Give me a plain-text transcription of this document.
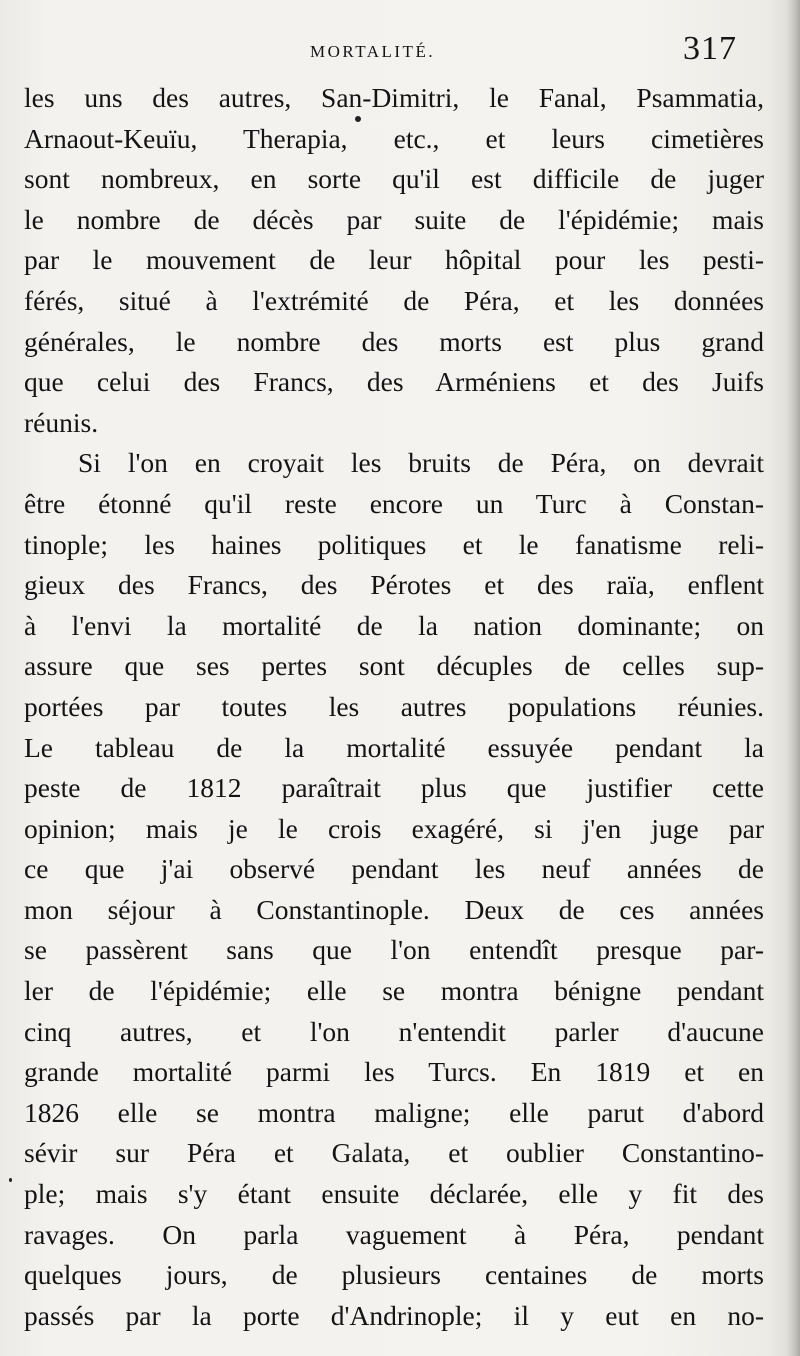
MORTALITÉ.	317
les uns des autres, San-Dimitri, le Fanal, Psammatia,
Arnaout-Keuïu, Therapia, etc., et leurs cimetières
sont nombreux, en sorte qu'il est difficile de juger
le nombre de décès par suite de l'épidémie; mais
par le mouvement de leur hôpital pour les pesti-
férés, situé à l'extrémité de Péra, et les données
générales, le nombre des morts est plus grand
que celui des Francs, des Arméniens et des Juifs
réunis.
Si l'on en croyait les bruits de Péra, on devrait
être étonné qu'il reste encore un Turc à Constan-
tinople; les haines politiques et le fanatisme reli-
gieux des Francs, des Pérotes et des raïa, enflent
à l'envi la mortalité de la nation dominante; on
assure que ses pertes sont décuples de celles sup-
portées par toutes les autres populations réunies.
Le tableau de la mortalité essuyée pendant la
peste de 1812 paraîtrait plus que justifier cette
opinion; mais je le crois exagéré, si j'en juge par
ce que j'ai observé pendant les neuf années de
mon séjour à Constantinople. Deux de ces années
se passèrent sans que l'on entendît presque par-
ler de l'épidémie; elle se montra bénigne pendant
cinq autres, et l'on n'entendit parler d'aucune
grande mortalité parmi les Turcs. En 1819 et en
1826 elle se montra maligne; elle parut d'abord
sévir sur Péra et Galata, et oublier Constantino-
ple; mais s'y étant ensuite déclarée, elle y fit des
ravages. On parla vaguement à Péra, pendant
quelques jours, de plusieurs centaines de morts
passés par la porte d'Andrinople; il y eut en no-
